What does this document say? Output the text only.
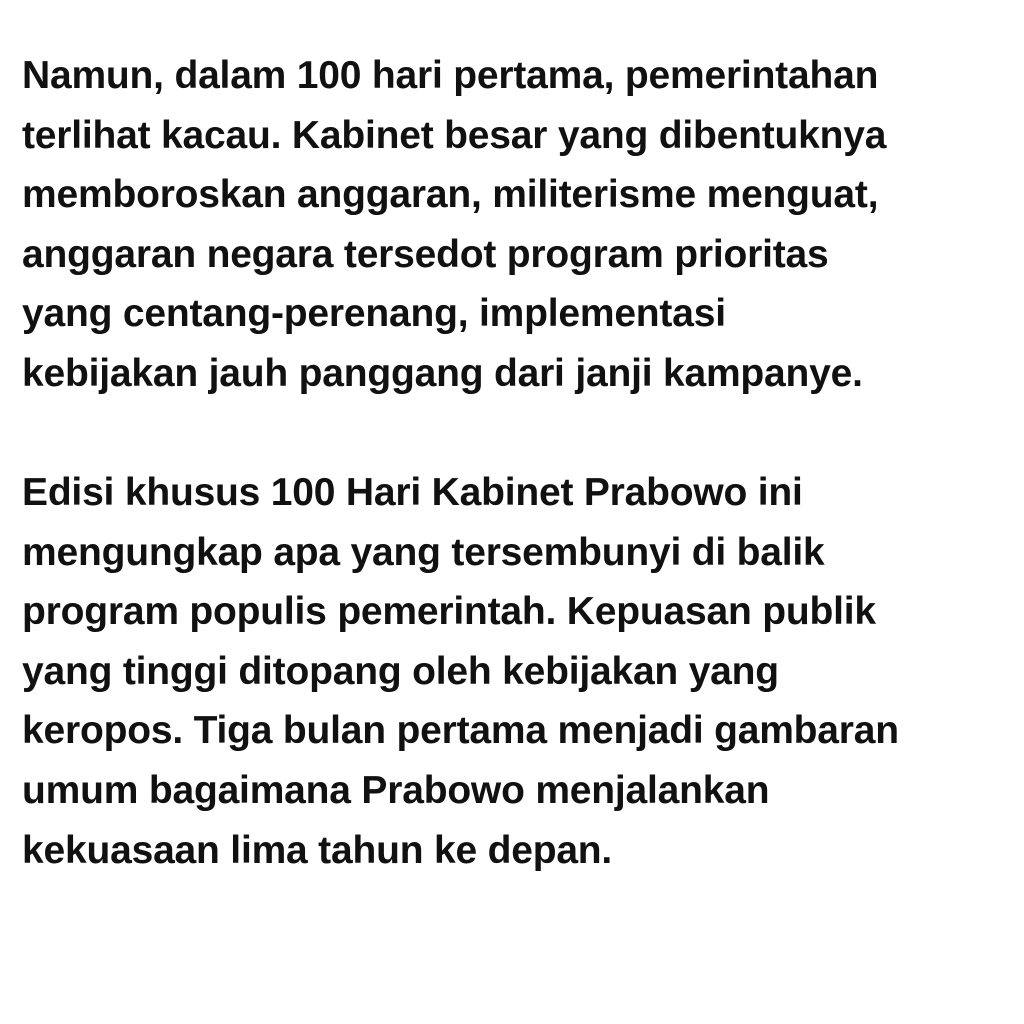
Namun, dalam 100 hari pertama, pemerintahan
terlihat kacau. Kabinet besar yang dibentuknya
memboroskan anggaran, militerisme menguat,
anggaran negara tersedot program prioritas
yang centang-perenang, implementasi
kebijakan jauh panggang dari janji kampanye.

Edisi khusus 100 Hari Kabinet Prabowo ini
mengungkap apa yang tersembunyi di balik
program populis pemerintah. Kepuasan publik
yang tinggi ditopang oleh kebijakan yang
keropos. Tiga bulan pertama menjadi gambaran
umum bagaimana Prabowo menjalankan
kekuasaan lima tahun ke depan.
